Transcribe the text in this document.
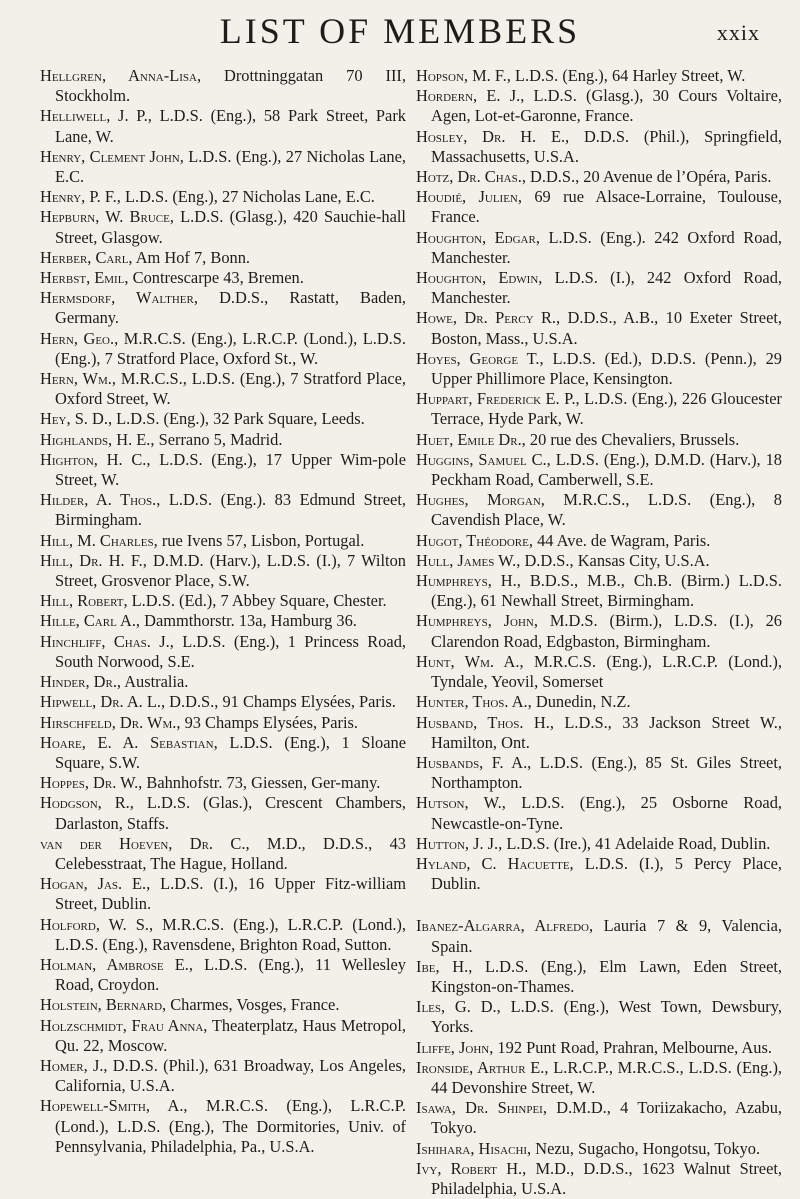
LIST OF MEMBERS	xxix

Hellgren, Anna-Lisa, Drottninggatan 70 III, Stockholm.

Helliwell, J. P., L.D.S. (Eng.), 58 Park Street, Park Lane, W.

Henry, Clement John, L.D.S. (Eng.), 27 Nicholas Lane, E.C.

Henry, P. F., L.D.S. (Eng.), 27 Nicholas Lane, E.C.

Hepburn, W. Bruce, L.D.S. (Glasg.), 420 Sauchie-hall Street, Glasgow.

Herber, Carl, Am Hof 7, Bonn.

Herbst, Emil, Contrescarpe 43, Bremen.

Hermsdorf, Walther, D.D.S., Rastatt, Baden, Germany.

Hern, Geo., M.R.C.S. (Eng.), L.R.C.P. (Lond.), L.D.S. (Eng.), 7 Stratford Place, Oxford St., W.

Hern, Wm., M.R.C.S., L.D.S. (Eng.), 7 Stratford Place, Oxford Street, W.

Hey, S. D., L.D.S. (Eng.), 32 Park Square, Leeds.

Highlands, H. E., Serrano 5, Madrid.

Highton, H. C., L.D.S. (Eng.), 17 Upper Wim-pole Street, W.

Hilder, A. Thos., L.D.S. (Eng.). 83 Edmund Street, Birmingham.

Hill, M. Charles, rue Ivens 57, Lisbon, Portugal.

Hill, Dr. H. F., D.M.D. (Harv.), L.D.S. (I.), 7 Wilton Street, Grosvenor Place, S.W.

Hill, Robert, L.D.S. (Ed.), 7 Abbey Square, Chester.

Hille, Carl A., Dammthorstr. 13a, Hamburg 36.

Hinchliff, Chas. J., L.D.S. (Eng.), 1 Princess Road, South Norwood, S.E.

Hinder, Dr., Australia.

Hipwell, Dr. A. L., D.D.S., 91 Champs Elysées, Paris.

Hirschfeld, Dr. Wm., 93 Champs Elysées, Paris.

Hoare, E. A. Sebastian, L.D.S. (Eng.), 1 Sloane Square, S.W.

Hoppes, Dr. W., Bahnhofstr. 73, Giessen, Ger-many.

Hodgson, R., L.D.S. (Glas.), Crescent Chambers, Darlaston, Staffs.

van der Hoeven, Dr. C., M.D., D.D.S., 43 Celebesstraat, The Hague, Holland.

Hogan, Jas. E., L.D.S. (I.), 16 Upper Fitz-william Street, Dublin.

Holford, W. S., M.R.C.S. (Eng.), L.R.C.P. (Lond.), L.D.S. (Eng.), Ravensdene, Brighton Road, Sutton.

Holman, Ambrose E., L.D.S. (Eng.), 11 Wellesley Road, Croydon.

Holstein, Bernard, Charmes, Vosges, France.

Holzschmidt, Frau Anna, Theaterplatz, Haus Metropol, Qu. 22, Moscow.

Homer, J., D.D.S. (Phil.), 631 Broadway, Los Angeles, California, U.S.A.

Hopewell-Smith, A., M.R.C.S. (Eng.), L.R.C.P. (Lond.), L.D.S. (Eng.), The Dormitories, Univ. of Pennsylvania, Philadelphia, Pa., U.S.A.

Hopson, M. F., L.D.S. (Eng.), 64 Harley Street, W.

Hordern, E. J., L.D.S. (Glasg.), 30 Cours Voltaire, Agen, Lot-et-Garonne, France.

Hosley, Dr. H. E., D.D.S. (Phil.), Springfield, Massachusetts, U.S.A.

Hotz, Dr. Chas., D.D.S., 20 Avenue de l’Opéra, Paris.

Houdié, Julien, 69 rue Alsace-Lorraine, Toulouse, France.

Houghton, Edgar, L.D.S. (Eng.). 242 Oxford Road, Manchester.

Houghton, Edwin, L.D.S. (I.), 242 Oxford Road, Manchester.

Howe, Dr. Percy R., D.D.S., A.B., 10 Exeter Street, Boston, Mass., U.S.A.

Hoyes, George T., L.D.S. (Ed.), D.D.S. (Penn.), 29 Upper Phillimore Place, Kensington.

Huppart, Frederick E. P., L.D.S. (Eng.), 226 Gloucester Terrace, Hyde Park, W.

Huet, Emile Dr., 20 rue des Chevaliers, Brussels.

Huggins, Samuel C., L.D.S. (Eng.), D.M.D. (Harv.), 18 Peckham Road, Camberwell, S.E.

Hughes, Morgan, M.R.C.S., L.D.S. (Eng.), 8 Cavendish Place, W.

Hugot, Théodore, 44 Ave. de Wagram, Paris.

Hull, James W., D.D.S., Kansas City, U.S.A.

Humphreys, H., B.D.S., M.B., Ch.B. (Birm.) L.D.S. (Eng.), 61 Newhall Street, Birmingham.

Humphreys, John, M.D.S. (Birm.), L.D.S. (I.), 26 Clarendon Road, Edgbaston, Birmingham.

Hunt, Wm. A., M.R.C.S. (Eng.), L.R.C.P. (Lond.), Tyndale, Yeovil, Somerset

Hunter, Thos. A., Dunedin, N.Z.

Husband, Thos. H., L.D.S., 33 Jackson Street W., Hamilton, Ont.

Husbands, F. A., L.D.S. (Eng.), 85 St. Giles Street, Northampton.

Hutson, W., L.D.S. (Eng.), 25 Osborne Road, Newcastle-on-Tyne.

Hutton, J. J., L.D.S. (Ire.), 41 Adelaide Road, Dublin.

Hyland, C. Hacuette, L.D.S. (I.), 5 Percy Place, Dublin.

Ibanez-Algarra, Alfredo, Lauria 7 & 9, Valencia, Spain.

Ibe, H., L.D.S. (Eng.), Elm Lawn, Eden Street, Kingston-on-Thames.

Iles, G. D., L.D.S. (Eng.), West Town, Dewsbury, Yorks.

Iliffe, John, 192 Punt Road, Prahran, Melbourne, Aus.

Ironside, Arthur E., L.R.C.P., M.R.C.S., L.D.S. (Eng.), 44 Devonshire Street, W.

Isawa, Dr. Shinpei, D.M.D., 4 Toriizakacho, Azabu, Tokyo.

Ishihara, Hisachi, Nezu, Sugacho, Hongotsu, Tokyo.

Ivy, Robert H., M.D., D.D.S., 1623 Walnut Street, Philadelphia, U.S.A.
